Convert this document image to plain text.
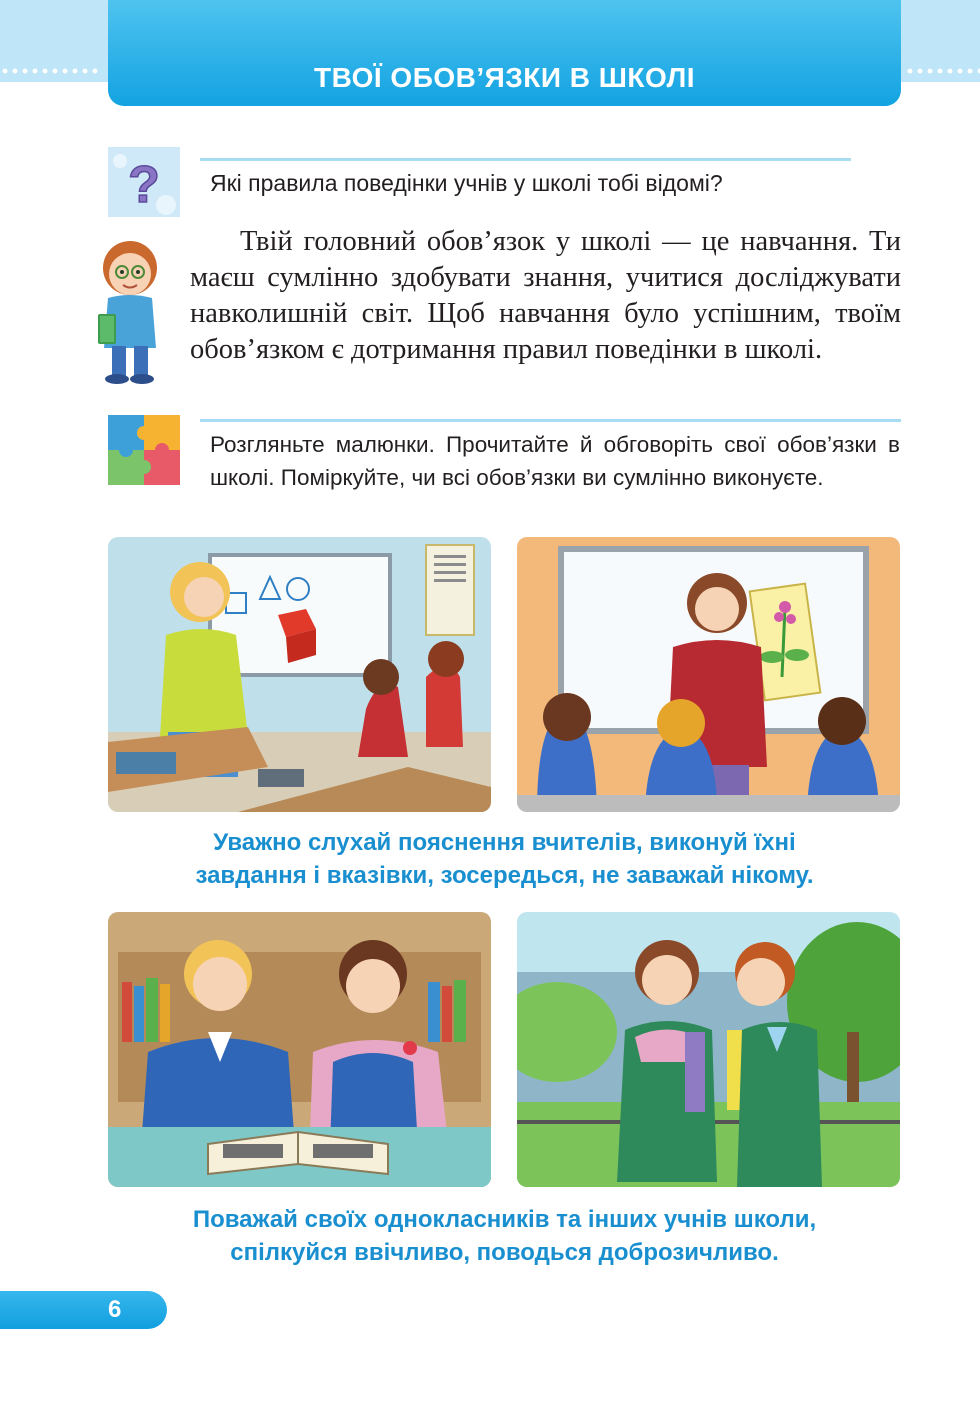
ТВОЇ ОБОВ’ЯЗКИ В ШКОЛІ
? Які правила поведінки учнів у школі тобі відомі?
Твій головний обов’язок у школі — це навчання. Ти маєш сумлінно здобувати знання, учитися досліджувати навколишній світ. Щоб навчання було успішним, твоїм обов’язком є дотримання правил поведінки в школі.
Розгляньте малюнки. Прочитайте й обговоріть свої обов’язки в школі. Поміркуйте, чи всі обов’язки ви сумлінно виконуєте.
Уважно слухай пояснення вчителів, виконуй їхні
завдання і вказівки, зосередься, не заважай нікому.
Поважай своїх однокласників та інших учнів школи,
спілкуйся ввічливо, поводься доброзичливо.
6
